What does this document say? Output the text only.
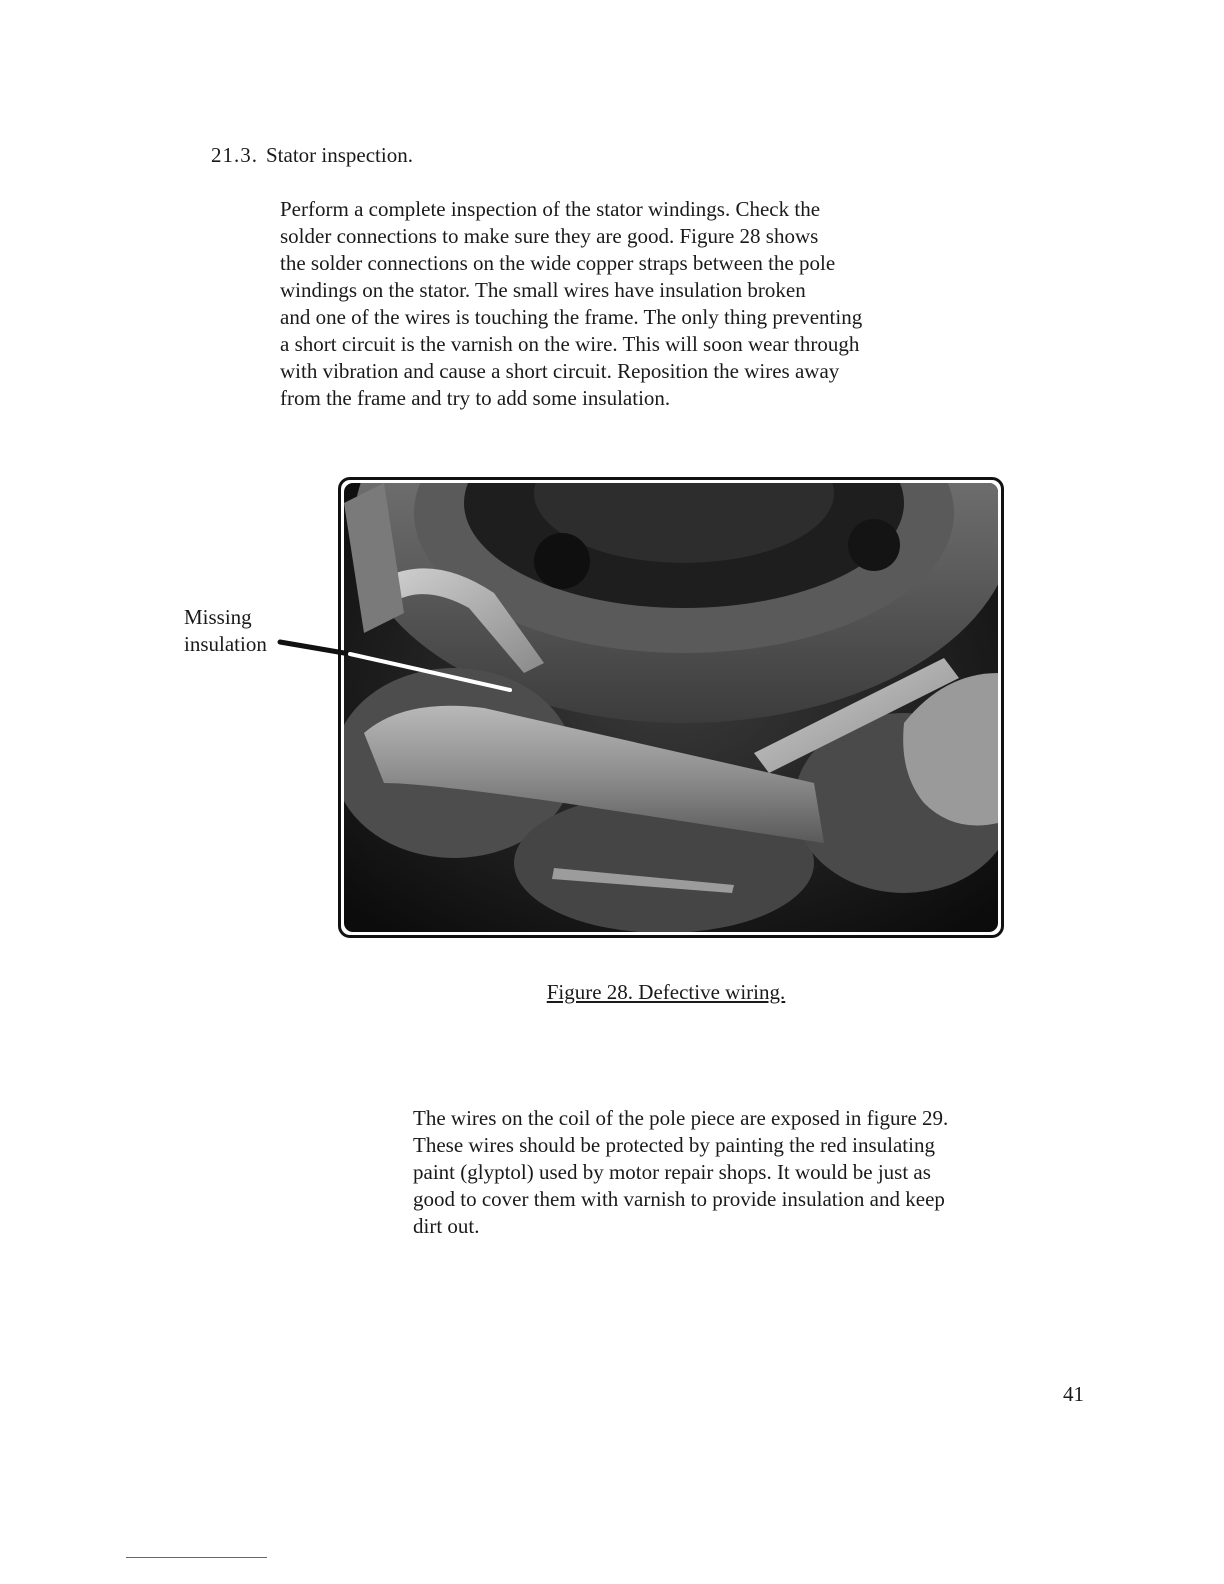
21.3. Stator inspection.
Perform a complete inspection of the stator windings. Check the
solder connections to make sure they are good. Figure 28 shows
the solder connections on the wide copper straps between the pole
windings on the stator. The small wires have insulation broken
and one of the wires is touching the frame. The only thing preventing
a short circuit is the varnish on the wire. This will soon wear through
with vibration and cause a short circuit. Reposition the wires away
from the frame and try to add some insulation.
Missing
insulation
Figure 28. Defective wiring.
The wires on the coil of the pole piece are exposed in figure 29.
These wires should be protected by painting the red insulating
paint (glyptol) used by motor repair shops. It would be just as
good to cover them with varnish to provide insulation and keep
dirt out.
41
